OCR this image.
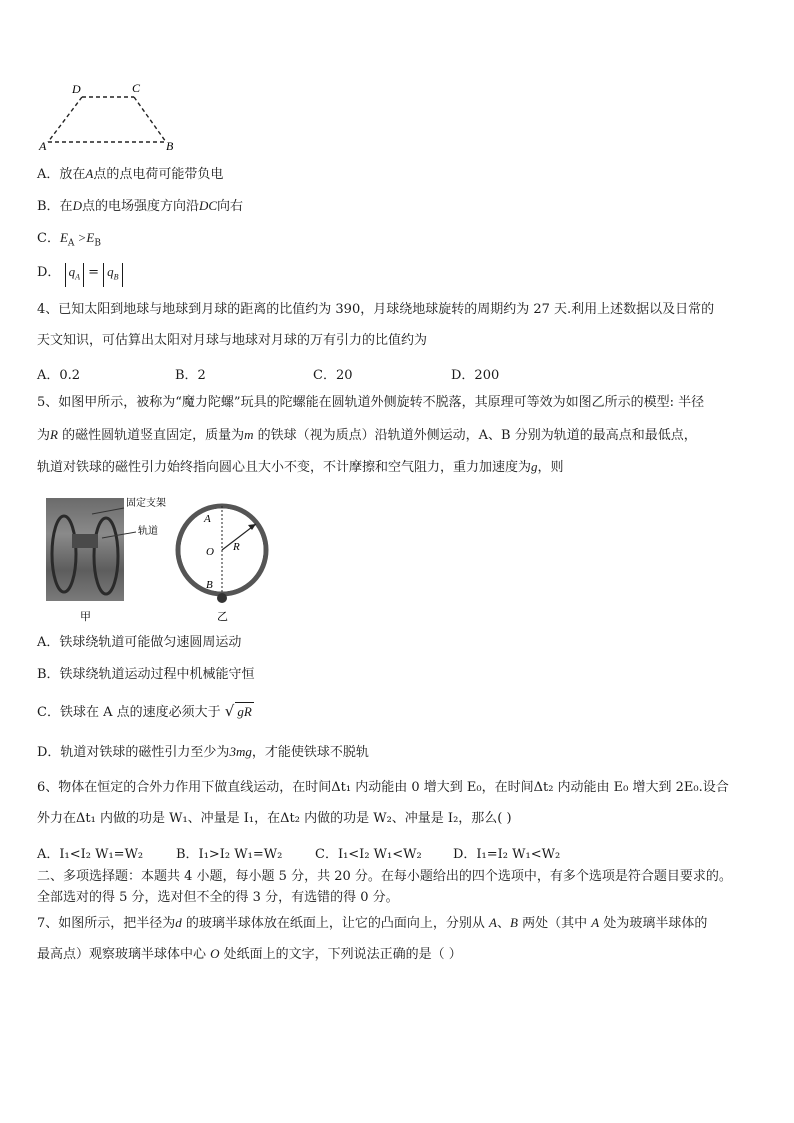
D	C
A	B
A．放在A点的点电荷可能带负电
B．在D点的电场强度方向沿DC向右
C．$E_A >E_B$
D． $q_A = q_B$
4、已知太阳到地球与地球到月球的距离的比值约为 390，月球绕地球旋转的周期约为 27 天.利用上述数据以及日常的
天文知识，可估算出太阳对月球与地球对月球的万有引力的比值约为
A．0.2	B．2	C．20	D．200
5、如图甲所示，被称为“魔力陀螺”玩具的陀螺能在圆轨道外侧旋转不脱落，其原理可等效为如图乙所示的模型: 半径
为R 的磁性圆轨道竖直固定，质量为m 的铁球（视为质点）沿轨道外侧运动，A、B 分别为轨道的最高点和最低点，
轨道对铁球的磁性引力始终指向圆心且大小不变，不计摩擦和空气阻力，重力加速度为g，则
固定支架
轨道
甲
A
O R
B
乙
A．铁球绕轨道可能做匀速圆周运动
B．铁球绕轨道运动过程中机械能守恒
C．铁球在 A 点的速度必须大于 √ gR
D．轨道对铁球的磁性引力至少为3mg，才能使铁球不脱轨
6、物体在恒定的合外力作用下做直线运动，在时间Δt₁ 内动能由 0 增大到 E₀，在时间Δt₂ 内动能由 E₀ 增大到 2E₀.设合
外力在Δt₁ 内做的功是 W₁、冲量是 I₁，在Δt₂ 内做的功是 W₂、冲量是 I₂，那么( )
A．I₁<I₂ W₁=W₂	B．I₁>I₂ W₁=W₂	C．I₁<I₂ W₁<W₂ D．I₁=I₂ W₁<W₂
二、多项选择题：本题共 4 小题，每小题 5 分，共 20 分。在每小题给出的四个选项中，有多个选项是符合题目要求的。
全部选对的得 5 分，选对但不全的得 3 分，有选错的得 0 分。
7、如图所示，把半径为d 的玻璃半球体放在纸面上，让它的凸面向上，分别从 A、B 两处（其中 A 处为玻璃半球体的
最高点）观察玻璃半球体中心 O 处纸面上的文字，下列说法正确的是（ ）
